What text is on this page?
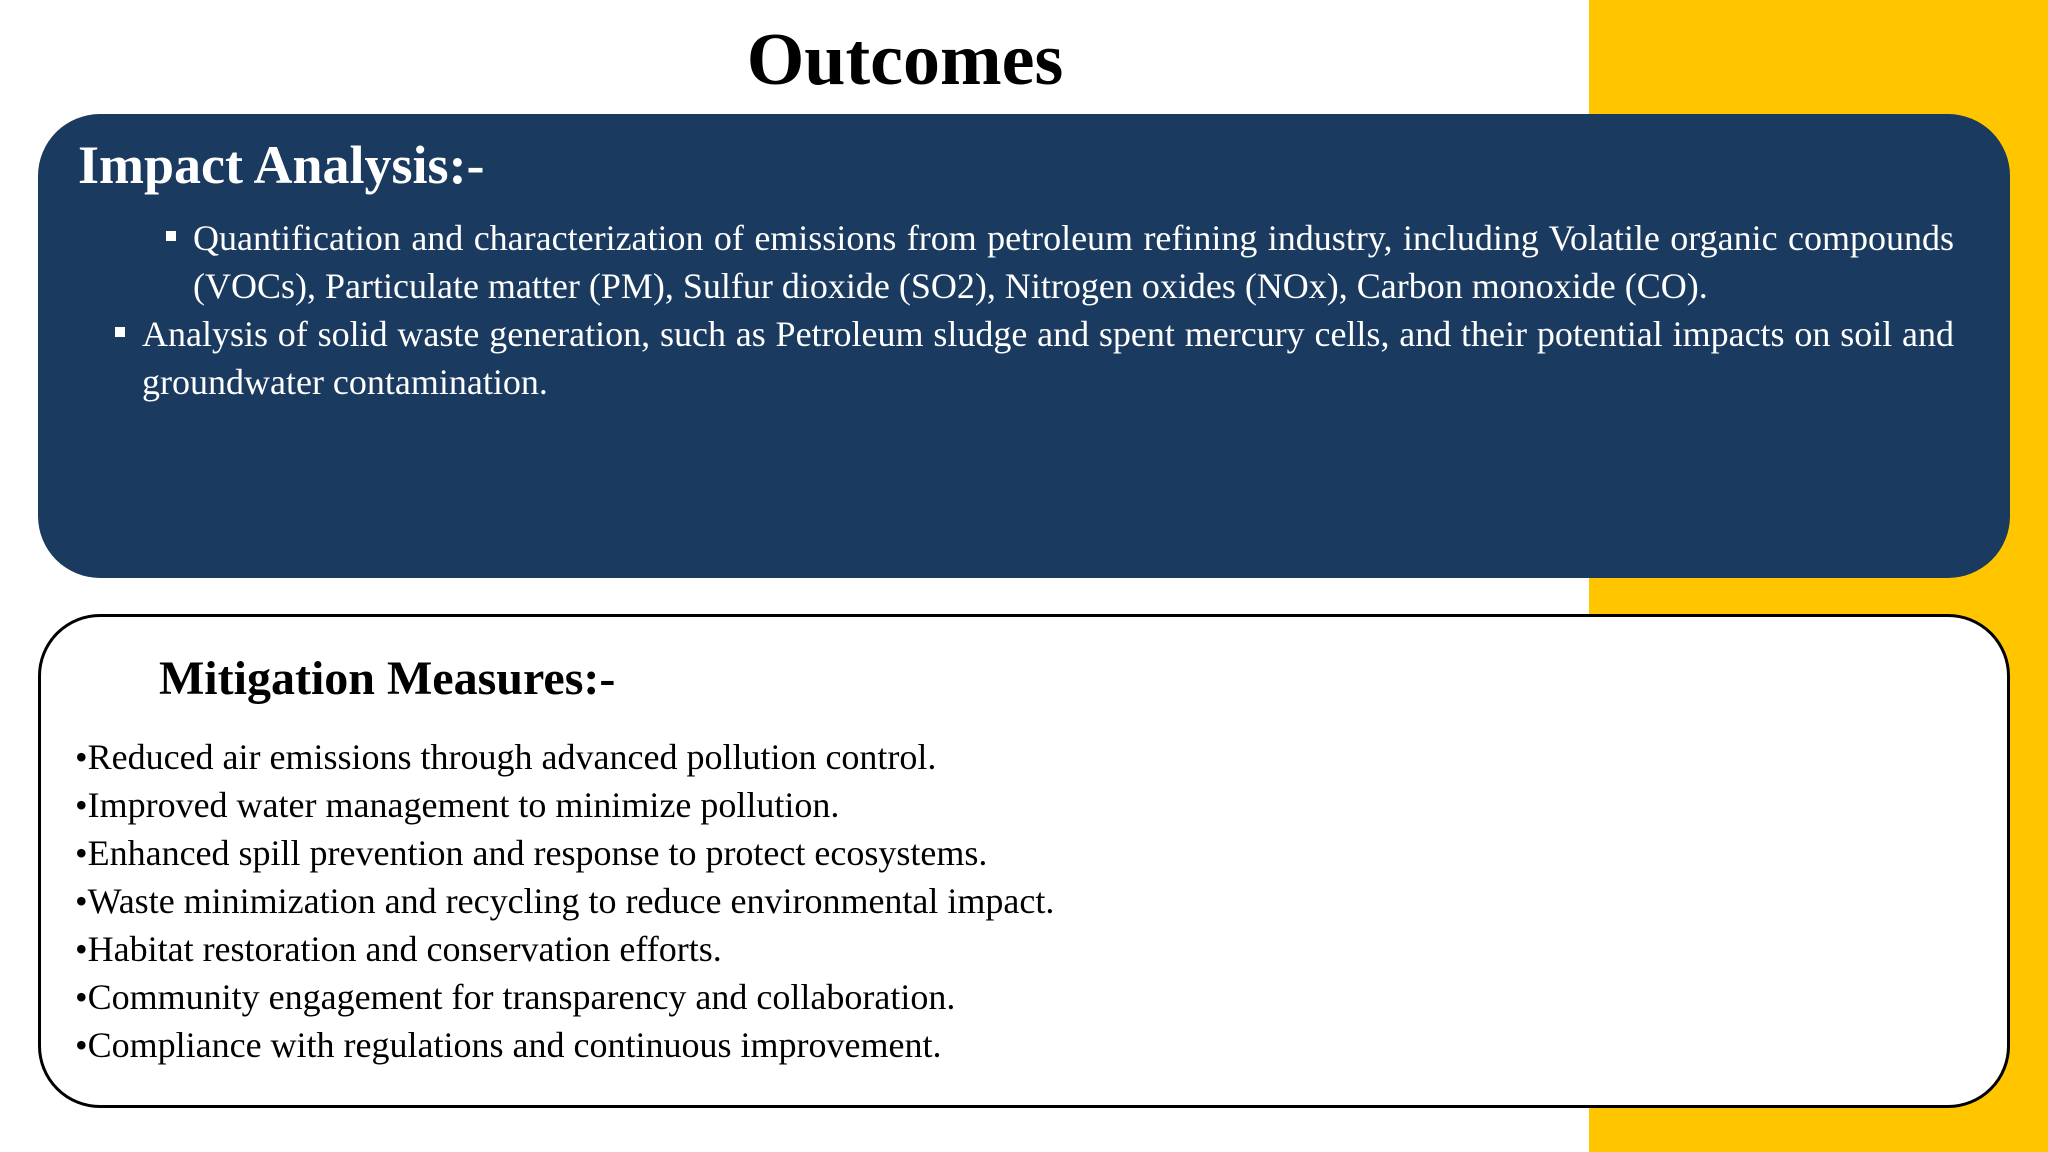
Outcomes
Impact Analysis:-
Quantification and characterization of emissions from petroleum refining industry, including Volatile organic compounds (VOCs), Particulate matter (PM), Sulfur dioxide (SO2), Nitrogen oxides (NOx), Carbon monoxide (CO).
Analysis of solid waste generation, such as Petroleum sludge and spent mercury cells, and their potential impacts on soil and groundwater contamination.
Mitigation Measures:-
•Reduced air emissions through advanced pollution control.
•Improved water management to minimize pollution.
•Enhanced spill prevention and response to protect ecosystems.
•Waste minimization and recycling to reduce environmental impact.
•Habitat restoration and conservation efforts.
•Community engagement for transparency and collaboration.
•Compliance with regulations and continuous improvement.
